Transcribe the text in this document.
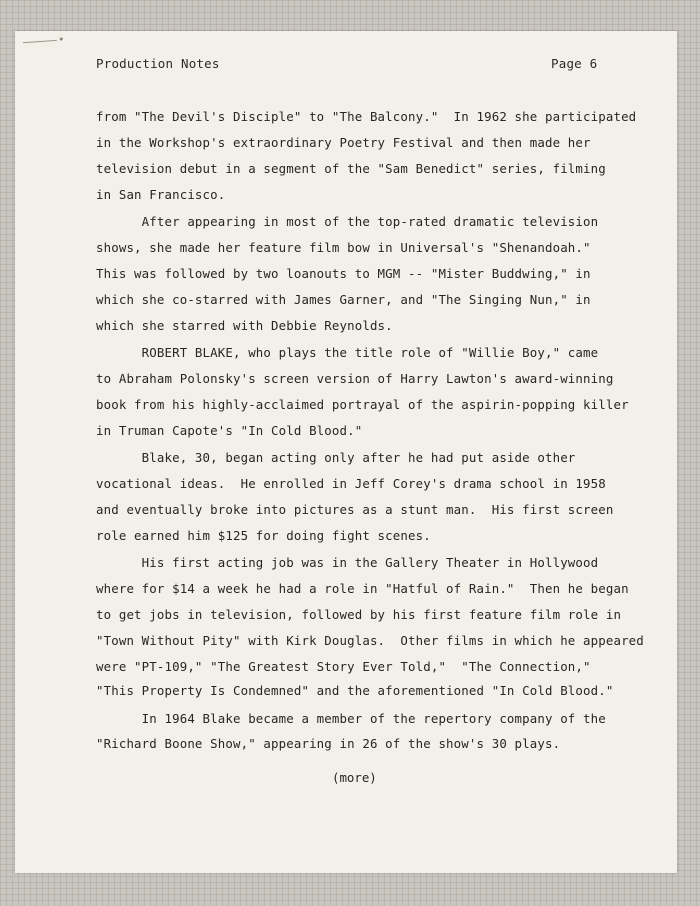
Production Notes	Page 6
from "The Devil's Disciple" to "The Balcony."  In 1962 she participated
in the Workshop's extraordinary Poetry Festival and then made her
television debut in a segment of the "Sam Benedict" series, filming
in San Francisco.
After appearing in most of the top-rated dramatic television
shows, she made her feature film bow in Universal's "Shenandoah."
This was followed by two loanouts to MGM -- "Mister Buddwing," in
which she co-starred with James Garner, and "The Singing Nun," in
which she starred with Debbie Reynolds.
ROBERT BLAKE, who plays the title role of "Willie Boy," came
to Abraham Polonsky's screen version of Harry Lawton's award-winning
book from his highly-acclaimed portrayal of the aspirin-popping killer
in Truman Capote's "In Cold Blood."
Blake, 30, began acting only after he had put aside other
vocational ideas.  He enrolled in Jeff Corey's drama school in 1958
and eventually broke into pictures as a stunt man.  His first screen
role earned him $125 for doing fight scenes.
His first acting job was in the Gallery Theater in Hollywood
where for $14 a week he had a role in "Hatful of Rain."  Then he began
to get jobs in television, followed by his first feature film role in
"Town Without Pity" with Kirk Douglas.  Other films in which he appeared
were "PT-109," "The Greatest Story Ever Told,"  "The Connection,"
"This Property Is Condemned" and the aforementioned "In Cold Blood."
In 1964 Blake became a member of the repertory company of the
"Richard Boone Show," appearing in 26 of the show's 30 plays.
(more)
